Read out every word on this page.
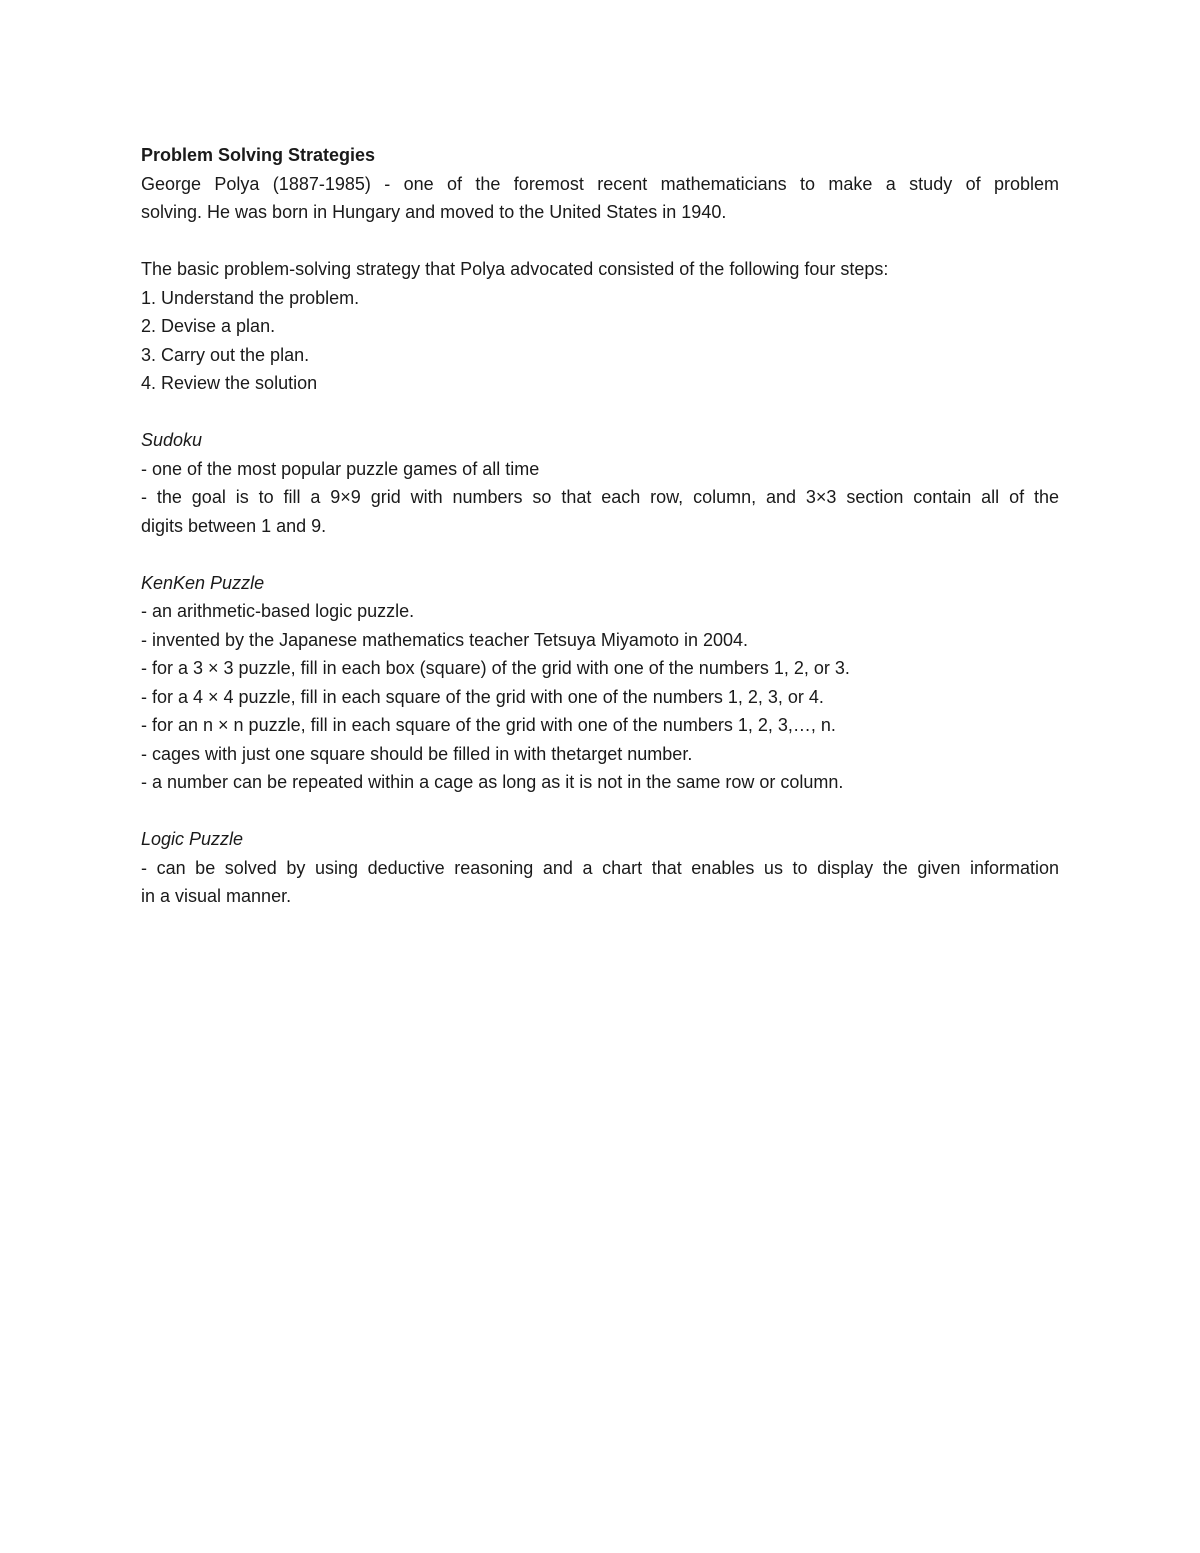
Problem Solving Strategies
George Polya (1887-1985) - one of the foremost recent mathematicians to make a study of problem
solving. He was born in Hungary and moved to the United States in 1940.
The basic problem-solving strategy that Polya advocated consisted of the following four steps:
1. Understand the problem.
2. Devise a plan.
3. Carry out the plan.
4. Review the solution
Sudoku
- one of the most popular puzzle games of all time
- the goal is to fill a 9×9 grid with numbers so that each row, column, and 3×3 section contain all of the
digits between 1 and 9.
KenKen Puzzle
- an arithmetic-based logic puzzle.
- invented by the Japanese mathematics teacher Tetsuya Miyamoto in 2004.
- for a 3 × 3 puzzle, fill in each box (square) of the grid with one of the numbers 1, 2, or 3.
- for a 4 × 4 puzzle, fill in each square of the grid with one of the numbers 1, 2, 3, or 4.
- for an n × n puzzle, fill in each square of the grid with one of the numbers 1, 2, 3,…, n.
- cages with just one square should be filled in with thetarget number.
- a number can be repeated within a cage as long as it is not in the same row or column.
Logic Puzzle
- can be solved by using deductive reasoning and a chart that enables us to display the given information
in a visual manner.
